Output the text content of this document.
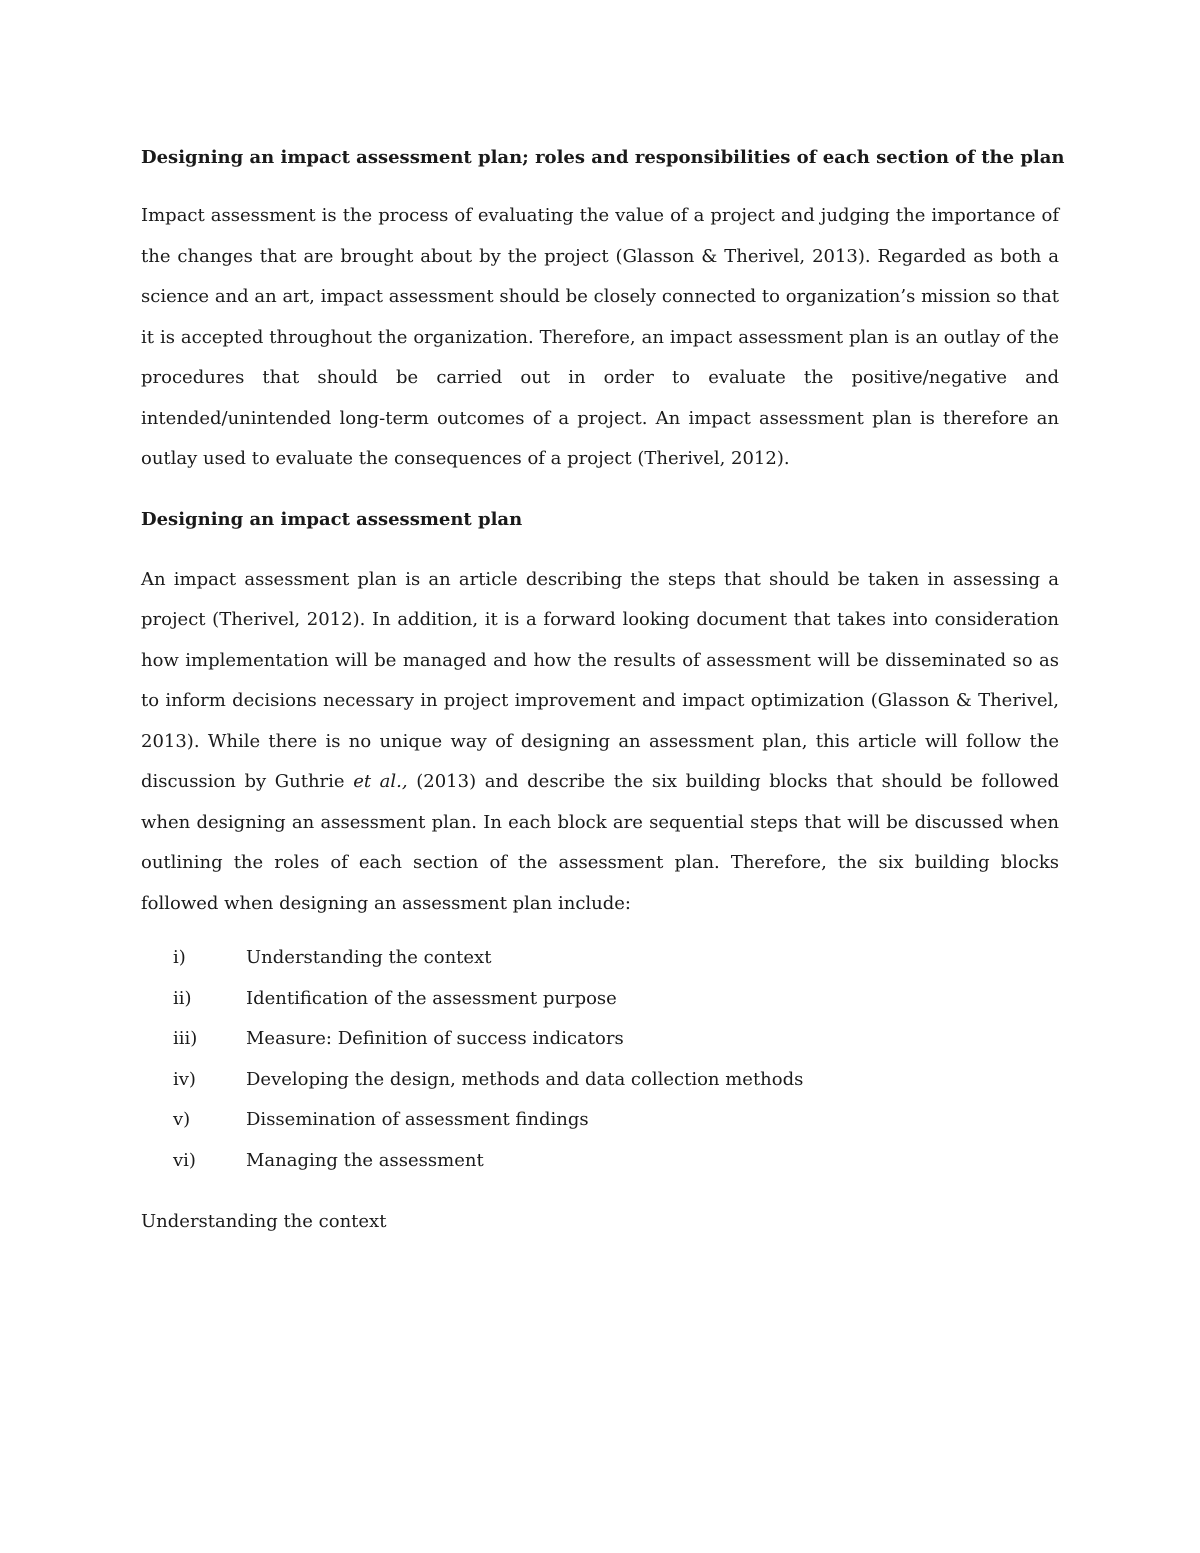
Designing an impact assessment plan; roles and responsibilities of each section of the plan

Impact assessment is the process of evaluating the value of a project and judging the importance of the changes that are brought about by the project (Glasson & Therivel, 2013). Regarded as both a science and an art, impact assessment should be closely connected to organization’s mission so that it is accepted throughout the organization. Therefore, an impact assessment plan is an outlay of the procedures that should be carried out in order to evaluate the positive/negative and intended/unintended long-term outcomes of a project. An impact assessment plan is therefore an outlay used to evaluate the consequences of a project (Therivel, 2012).

Designing an impact assessment plan

An impact assessment plan is an article describing the steps that should be taken in assessing a project (Therivel, 2012). In addition, it is a forward looking document that takes into consideration how implementation will be managed and how the results of assessment will be disseminated so as to inform decisions necessary in project improvement and impact optimization (Glasson & Therivel, 2013). While there is no unique way of designing an assessment plan, this article will follow the discussion by Guthrie et al., (2013) and describe the six building blocks that should be followed when designing an assessment plan. In each block are sequential steps that will be discussed when outlining the roles of each section of the assessment plan. Therefore, the six building blocks followed when designing an assessment plan include:

i)	Understanding the context
ii)	Identification of the assessment purpose
iii)	Measure: Definition of success indicators
iv)	Developing the design, methods and data collection methods
v)	Dissemination of assessment findings
vi)	Managing the assessment

Understanding the context
